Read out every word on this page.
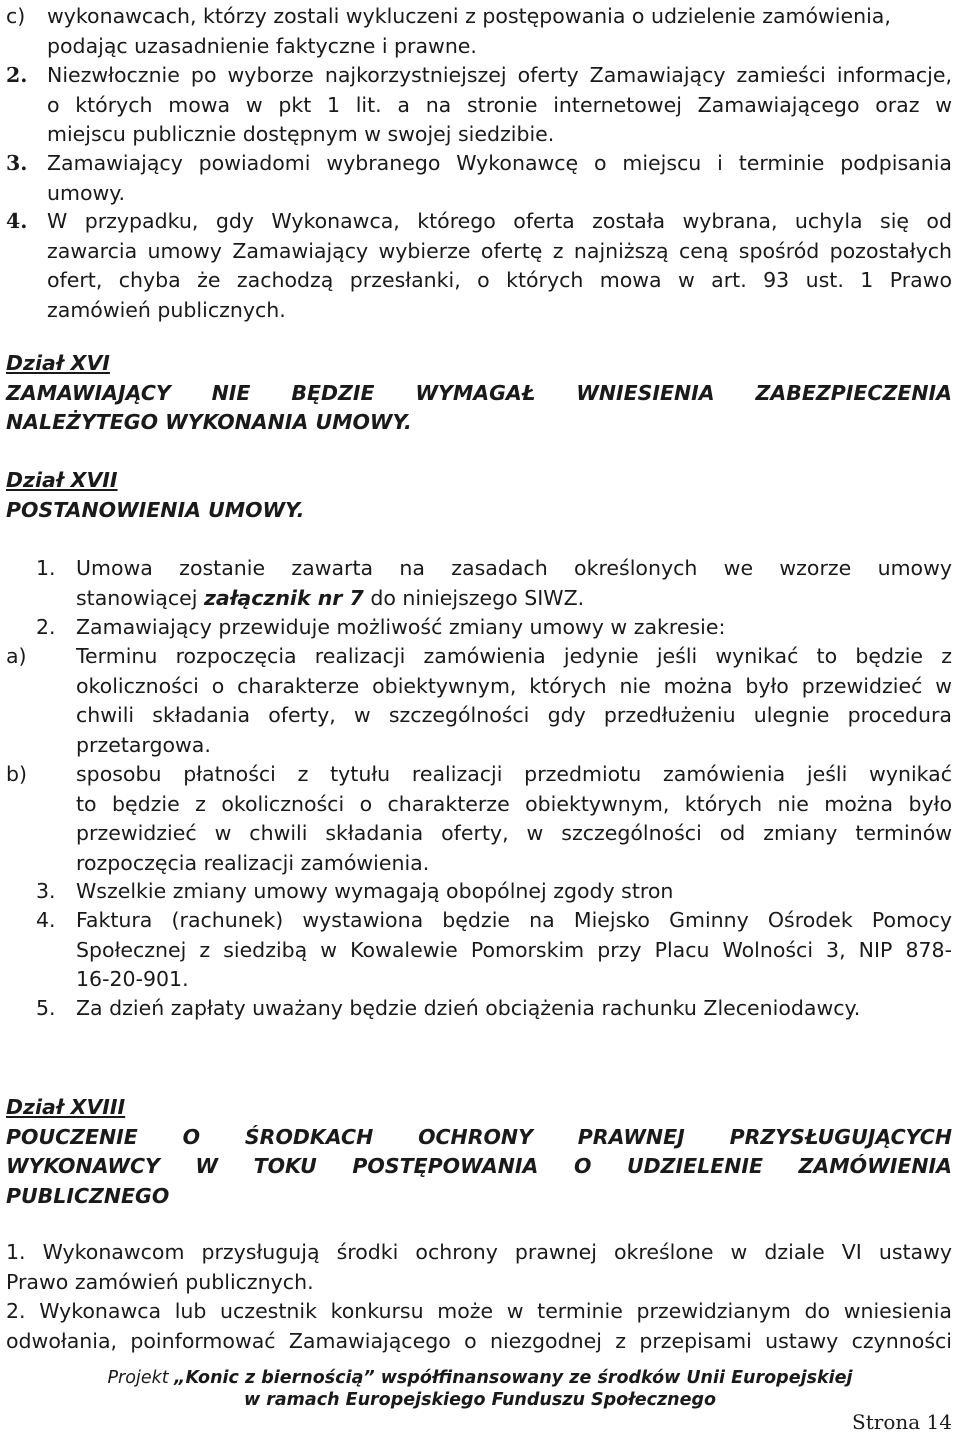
c)	wykonawcach, którzy zostali wykluczeni z postępowania o udzielenie zamówienia,
podając uzasadnienie faktyczne i prawne.
2. Niezwłocznie po wyborze najkorzystniejszej oferty Zamawiający zamieści informacje,
o których mowa w pkt 1 lit. a na stronie internetowej Zamawiającego oraz w
miejscu publicznie dostępnym w swojej siedzibie.
3. Zamawiający powiadomi wybranego Wykonawcę o miejscu i terminie podpisania
umowy.
4. W przypadku, gdy Wykonawca, którego oferta została wybrana, uchyla się od
zawarcia umowy Zamawiający wybierze ofertę z najniższą ceną spośród pozostałych
ofert, chyba że zachodzą przesłanki, o których mowa w art. 93 ust. 1 Prawo
zamówień publicznych.
Dział XVI
ZAMAWIAJĄCY NIE BĘDZIE WYMAGAŁ WNIESIENIA ZABEZPIECZENIA
NALEŻYTEGO WYKONANIA UMOWY.
Dział XVII
POSTANOWIENIA UMOWY.
1. Umowa zostanie zawarta na zasadach określonych we wzorze umowy
stanowiącej załącznik nr 7 do niniejszego SIWZ.
2. Zamawiający przewiduje możliwość zmiany umowy w zakresie:
a)	Terminu rozpoczęcia realizacji zamówienia jedynie jeśli wynikać to będzie z
okoliczności o charakterze obiektywnym, których nie można było przewidzieć w
chwili składania oferty, w szczególności gdy przedłużeniu ulegnie procedura
przetargowa.
b)	sposobu płatności z tytułu realizacji przedmiotu zamówienia jeśli wynikać
to będzie z okoliczności o charakterze obiektywnym, których nie można było
przewidzieć w chwili składania oferty, w szczególności od zmiany terminów
rozpoczęcia realizacji zamówienia.
3. Wszelkie zmiany umowy wymagają obopólnej zgody stron
4. Faktura (rachunek) wystawiona będzie na Miejsko Gminny Ośrodek Pomocy
Społecznej z siedzibą w Kowalewie Pomorskim przy Placu Wolności 3, NIP 878-
16-20-901.
5. Za dzień zapłaty uważany będzie dzień obciążenia rachunku Zleceniodawcy.
Dział XVIII
POUCZENIE O ŚRODKACH OCHRONY PRAWNEJ PRZYSŁUGUJĄCYCH
WYKONAWCY W TOKU POSTĘPOWANIA O UDZIELENIE ZAMÓWIENIA
PUBLICZNEGO
1. Wykonawcom przysługują środki ochrony prawnej określone w dziale VI ustawy
Prawo zamówień publicznych.
2. Wykonawca lub uczestnik konkursu może w terminie przewidzianym do wniesienia
odwołania, poinformować Zamawiającego o niezgodnej z przepisami ustawy czynności
Projekt „Konic z biernością” współfinansowany ze środków Unii Europejskiej
w ramach Europejskiego Funduszu Społecznego
Strona 14
